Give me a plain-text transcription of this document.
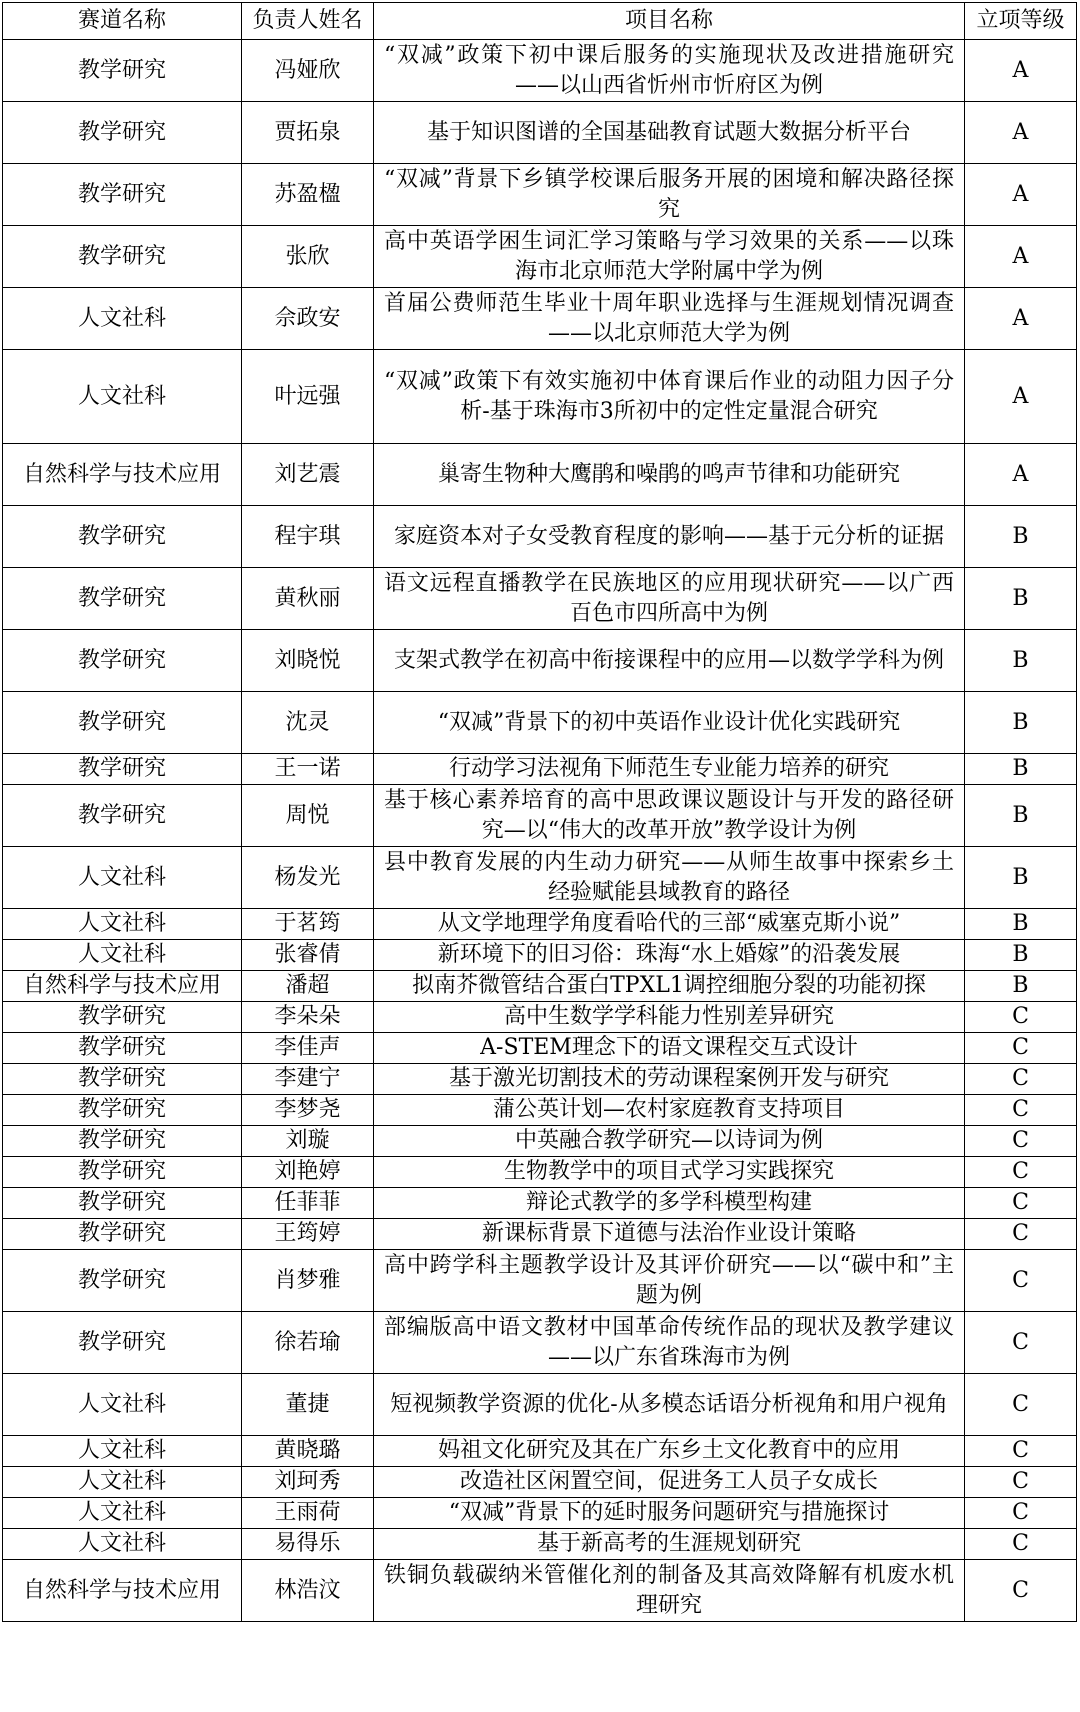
赛道名称	负责人姓名	项目名称	立项等级
教学研究	冯娅欣	“双减”政策下初中课后服务的实施现状及改进措施研究——以山西省忻州市忻府区为例	A
教学研究	贾拓泉	基于知识图谱的全国基础教育试题大数据分析平台	A
教学研究	苏盈楹	“双减”背景下乡镇学校课后服务开展的困境和解决路径探究	A
教学研究	张欣	高中英语学困生词汇学习策略与学习效果的关系——以珠海市北京师范大学附属中学为例	A
人文社科	佘政安	首届公费师范生毕业十周年职业选择与生涯规划情况调查 ——以北京师范大学为例	A
人文社科	叶远强	“双减”政策下有效实施初中体育课后作业的动阻力因子分析-基于珠海市3所初中的定性定量混合研究	A
自然科学与技术应用	刘艺震	巢寄生物种大鹰鹃和噪鹃的鸣声节律和功能研究	A
教学研究	程宇琪	家庭资本对子女受教育程度的影响——基于元分析的证据	B
教学研究	黄秋丽	语文远程直播教学在民族地区的应用现状研究——以广西百色市四所高中为例	B
教学研究	刘晓悦	支架式教学在初高中衔接课程中的应用—以数学学科为例	B
教学研究	沈灵	“双减”背景下的初中英语作业设计优化实践研究	B
教学研究	王一诺	行动学习法视角下师范生专业能力培养的研究	B
教学研究	周悦	基于核心素养培育的高中思政课议题设计与开发的路径研究—以“伟大的改革开放”教学设计为例	B
人文社科	杨发光	县中教育发展的内生动力研究——从师生故事中探索乡土经验赋能县域教育的路径	B
人文社科	于茗筠	从文学地理学角度看哈代的三部“威塞克斯小说”	B
人文社科	张睿倩	新环境下的旧习俗：珠海“水上婚嫁”的沿袭发展	B
自然科学与技术应用	潘超	拟南芥微管结合蛋白TPXL1调控细胞分裂的功能初探	B
教学研究	李朵朵	高中生数学学科能力性别差异研究	C
教学研究	李佳声	A-STEM理念下的语文课程交互式设计	C
教学研究	李建宁	基于激光切割技术的劳动课程案例开发与研究	C
教学研究	李梦尧	蒲公英计划—农村家庭教育支持项目	C
教学研究	刘璇	中英融合教学研究—以诗词为例	C
教学研究	刘艳婷	生物教学中的项目式学习实践探究	C
教学研究	任菲菲	辩论式教学的多学科模型构建	C
教学研究	王筠婷	新课标背景下道德与法治作业设计策略	C
教学研究	肖梦雅	高中跨学科主题教学设计及其评价研究——以“碳中和”主题为例	C
教学研究	徐若瑜	部编版高中语文教材中国革命传统作品的现状及教学建议——以广东省珠海市为例	C
人文社科	董捷	短视频教学资源的优化-从多模态话语分析视角和用户视角	C
人文社科	黄晓璐	妈祖文化研究及其在广东乡土文化教育中的应用	C
人文社科	刘珂秀	改造社区闲置空间，促进务工人员子女成长	C
人文社科	王雨荷	“双减”背景下的延时服务问题研究与措施探讨	C
人文社科	易得乐	基于新高考的生涯规划研究	C
自然科学与技术应用	林浩汶	铁铜负载碳纳米管催化剂的制备及其高效降解有机废水机理研究	C
